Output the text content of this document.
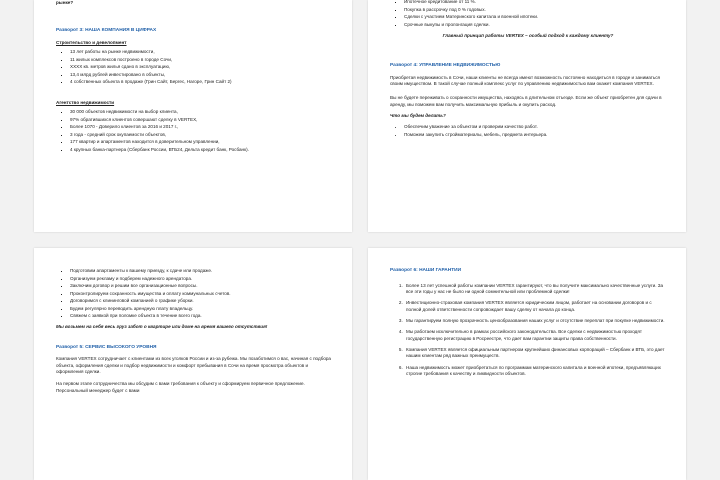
рынке?
Разворот 3: НАША КОМПАНИЯ В ЦИФРАХ
Строительство и девелопмент
▪ 13 лет работы на рынке недвижимости,
▪ 11 жилых комплексов построено в городе Сочи,
▪ XXXX кв. метров жилья сдано в эксплуатацию,
▪ 13,4 млрд рублей инвестировано в объекты,
▪ 4 собственных объекта в продаже (Грин Сайт, Бергес, Нагоре, Грин Сайт 2)
Агентство недвижимости
▪ 30 000 объектов недвижимости на выбор клиента,
▪ 97% обратившихся клиентов совершают сделку в VERTEX,
▪ Более 1070 - Доверило клиентов за 2016 и 2017 г.,
▪ 3 года - средний срок окупаемости объектов,
▪ 177 квартир и апартаментов находится в доверительном управлении,
▪ 4 крупных банка-партнера (Сбербанк России, ВТБ24, Дельта кредит банк, Росбанк).
▪ Ипотечное кредитование от 11 %.
▪ Покупка в рассрочку под 0 % годовых.
▪ Сделки с участием Материнского капитала и военной ипотеки.
▪ Срочные выкупы и пролонгация сделки.
Главный принцип работы VERTEX – особый подход к каждому клиенту?
Разворот 4: УПРАВЛЕНИЕ НЕДВИЖИМОСТЬЮ
Приобретая недвижимость в Сочи, наши клиенты не всегда имеют возможность постоянно находиться в городе и заниматься своим имуществом. В такой случае полный комплекс услуг по управлению недвижимостью вам окажет компания VERTEX.
Вы не будете переживать о сохранности имущества, находясь в длительном отъезде. Если же объект приобретен для сдачи в аренду, мы поможем вам получить максимальную прибыль и окупить расход.
Что мы будем делать?
• Обеспечим уважение за объектом и проверим качество работ.
• Поможем закупить стройматериалы, мебель, предмета интерьера.
▪ Подготовим апартаменты к вашему приезду, к сдаче или продаже.
▪ Организуем рекламу и подберем надежного арендатора.
▪ Заключим договор и решим все организационные вопросы.
▪ Проконтролируем сохранность имущества и оплату коммунальных счетов.
▪ Договоримся с клининговой компанией о графике уборки.
▪ Будем регулярно переводить арендную плату владельцу.
▪ Свяжем с заявкой при поломке объекта в течение всего года.
Мы возьмем на себя весь груз забот о квартире или доме на время вашего отсутствия!
Разворот 5: СЕРВИС ВЫСОКОГО УРОВНЯ
Компания VERTEX сотрудничает с клиентами из всех уголков России и из-за рубежа. Мы позаботимся о вас, начиная с подбора объекта, оформления сделки и подбор недвижимости и комфорт пребывания в Сочи на время просмотра объектов и оформления сделки.
На первом этапе сотрудничества мы обсудим с вами требования к объекту и сформируем первичное предложение. Персональный менеджер будет с вами
Разворот 6: НАШИ ГАРАНТИИ
1. Более 13 лет успешной работы компании VERTEX гарантируют, что вы получите максимально качественные услуги. За все эти годы у нас не было ни одной сомнительной или проблемной сделки!
2. Инвестиционно-страховая компания VERTEX является юридическим лицом, работает на основании договоров и с полной долей ответственности сопровождает вашу сделку от начала до конца.
3. Мы гарантируем полную прозрачность ценообразования наших услуг и отсутствие переплат при покупке недвижимости.
4. Мы работаем исключительно в рамках российского законодательства. Все сделки с недвижимостью проходят государственную регистрацию в Росреестре, что дает вам гарантии защиты права собственности.
5. Компания VERTEX является официальным партнером крупнейших финансовых корпораций – Сбербанк и ВТБ, это дает нашим клиентам ряд важных преимуществ.
6. Наша недвижимость может приобретаться по программам материнского капитала и военной ипотеки, предъявляющих строгие требования к качеству и ликвидности объектов.
